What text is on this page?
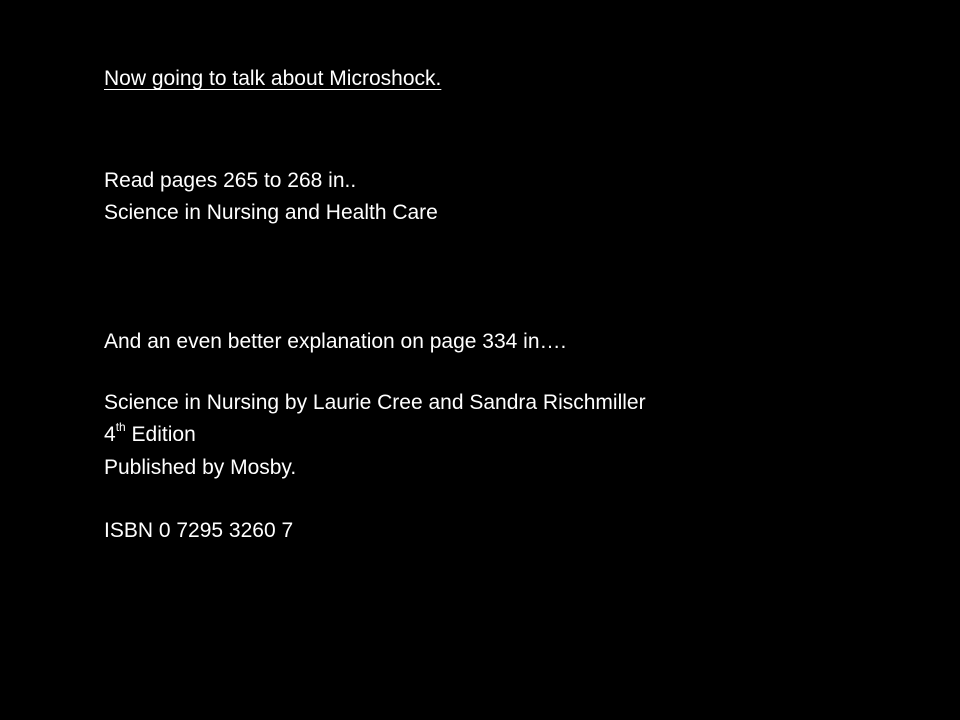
Now going to talk about Microshock.
Read pages 265 to 268 in..
Science in Nursing and Health Care
And an even better explanation on page 334 in….
Science in Nursing by Laurie Cree and Sandra Rischmiller
4th Edition
Published by Mosby.
ISBN 0 7295 3260 7
